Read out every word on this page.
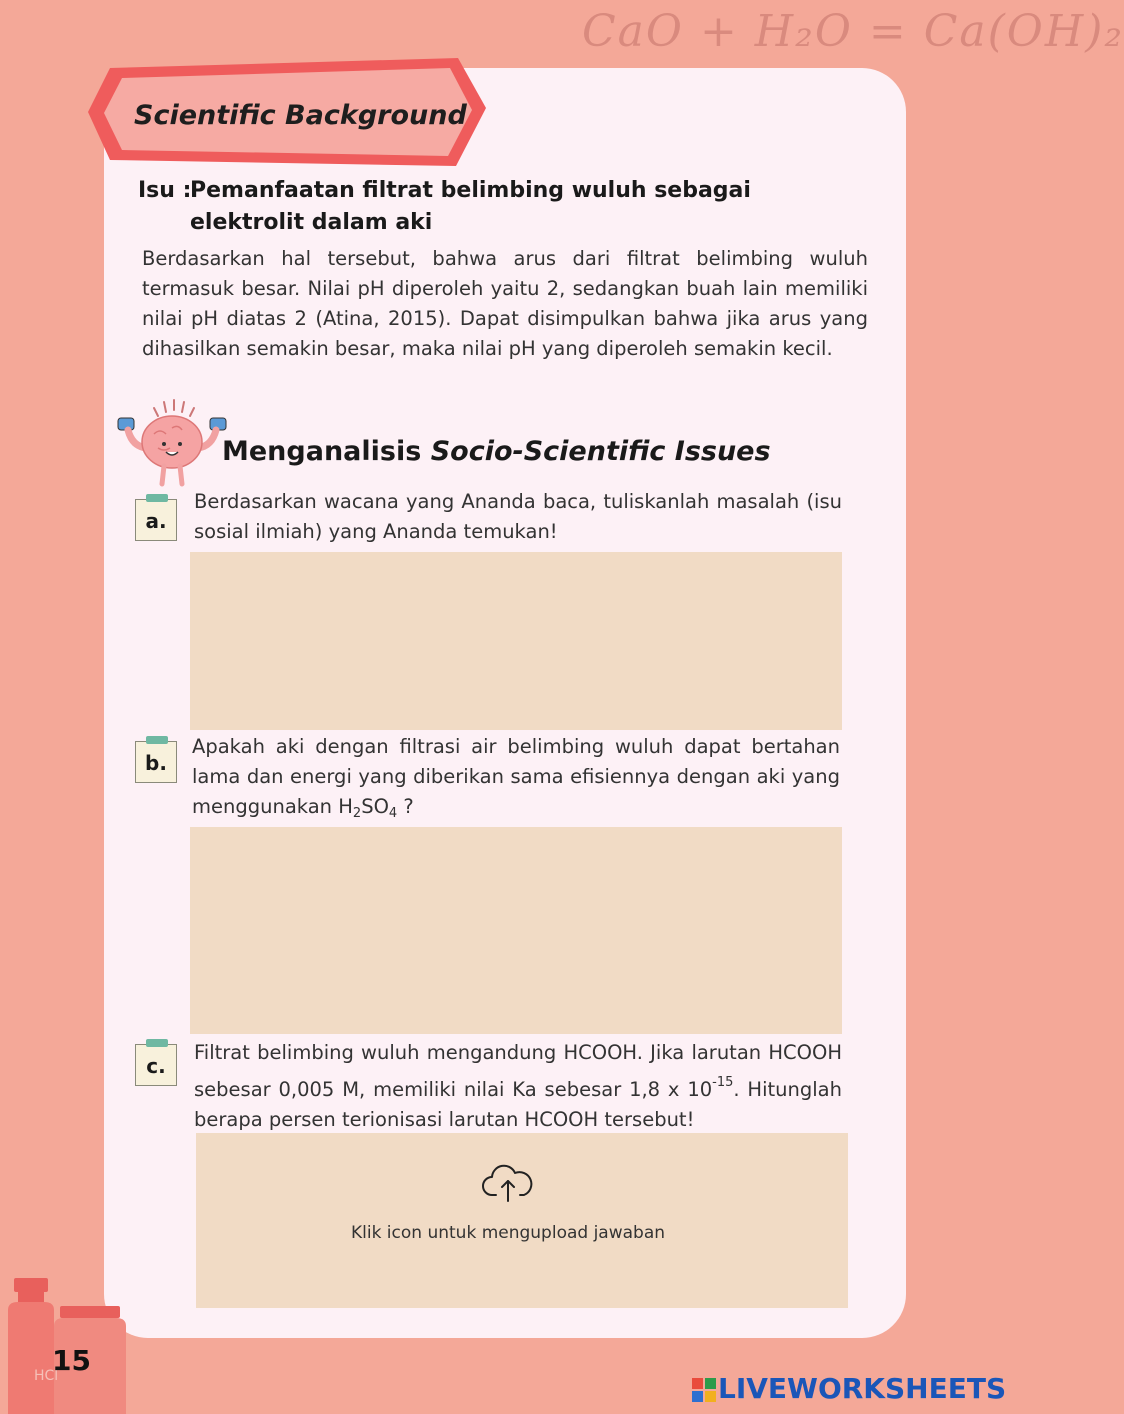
CaO + H₂O = Ca(OH)₂
Scientific Background
Isu :
Pemanfaatan filtrat belimbing wuluh sebagai elektrolit dalam aki
Berdasarkan hal tersebut, bahwa arus dari filtrat belimbing wuluh termasuk besar. Nilai pH diperoleh yaitu 2, sedangkan buah lain memiliki nilai pH diatas 2 (Atina, 2015). Dapat disimpulkan bahwa jika arus yang dihasilkan semakin besar, maka nilai pH yang diperoleh semakin kecil.
Menganalisis Socio-Scientific Issues
a.
Berdasarkan wacana yang Ananda baca, tuliskanlah masalah (isu sosial ilmiah) yang Ananda temukan!
b.
Apakah aki dengan filtrasi air belimbing wuluh dapat bertahan lama dan energi yang diberikan sama efisiennya dengan aki yang menggunakan $H_2SO_4$ ?
c.
Filtrat belimbing wuluh mengandung HCOOH. Jika larutan HCOOH sebesar 0,005 M, memiliki nilai Ka sebesar 1,8 x $10^{-15}$. Hitunglah berapa persen terionisasi larutan HCOOH tersebut!
Klik icon untuk mengupload jawaban
HCl
15
LIVEWORKSHEETS
